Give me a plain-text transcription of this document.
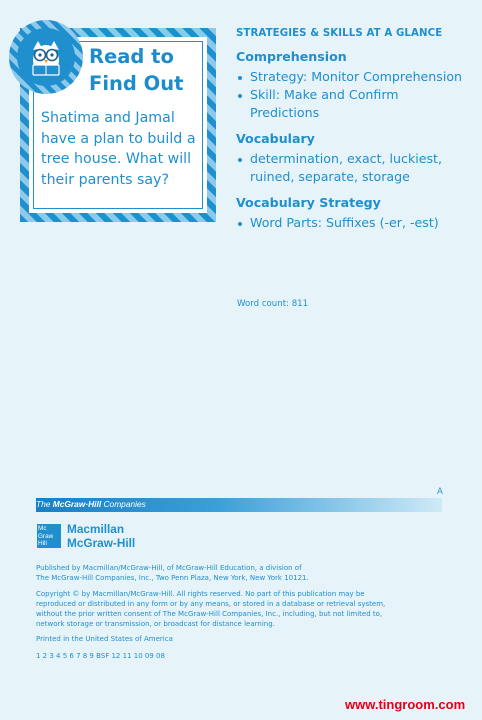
Read to
Find Out
Shatima and Jamal have a plan to build a tree house. What will their parents say?
STRATEGIES & SKILLS AT A GLANCE
Comprehension
Strategy: Monitor Comprehension
Skill: Make and Confirm Predictions
Vocabulary
determination, exact, luckiest, ruined, separate, storage
Vocabulary Strategy
Word Parts: Suffixes (-er, -est)
Word count: 811
A
The McGraw·Hill Companies
Mc
Graw
Hill
Macmillan
McGraw-Hill

Published by Macmillan/McGraw-Hill, of McGraw-Hill Education, a division of

The McGraw-Hill Companies, Inc., Two Penn Plaza, New York, New York 10121.

Copyright © by Macmillan/McGraw-Hill. All rights reserved. No part of this publication may be

reproduced or distributed in any form or by any means, or stored in a database or retrieval system,

without the prior written consent of The McGraw-Hill Companies, Inc., including, but not limited to,

network storage or transmission, or broadcast for distance learning.

Printed in the United States of America

1 2 3 4 5 6 7 8 9 BSF 12 11 10 09 08

www.tingroom.com
